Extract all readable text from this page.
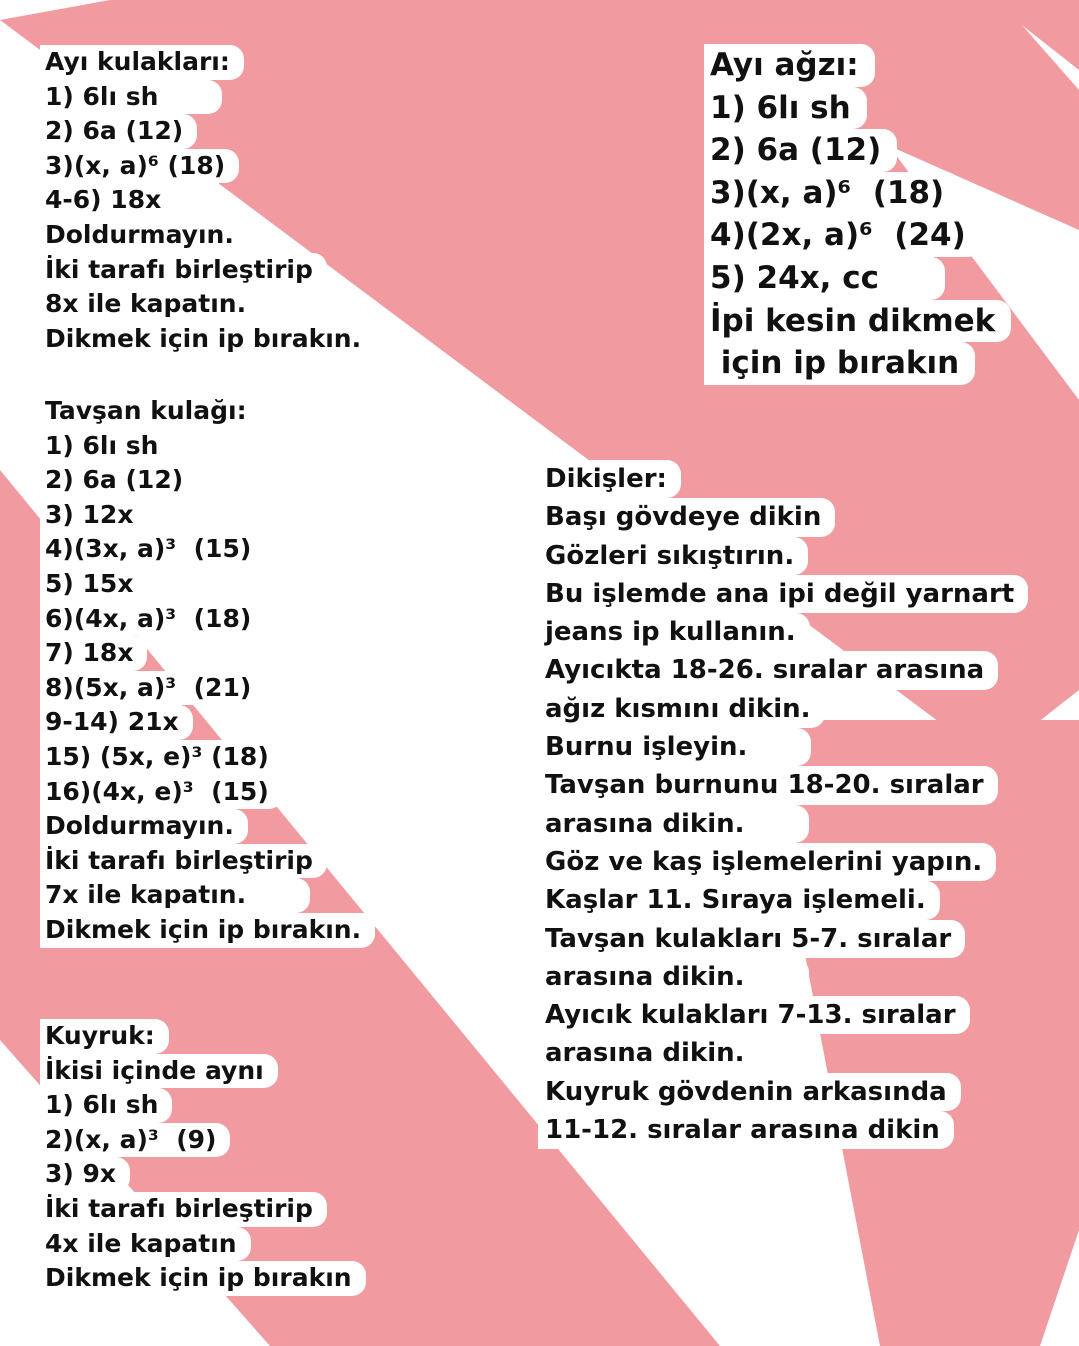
Ayı kulakları:
1) 6lı sh
2) 6a (12)
3)(x, a)⁶ (18)
4-6) 18x
Doldurmayın.
İki tarafı birleştirip
8x ile kapatın.
Dikmek için ip bırakın.
Tavşan kulağı:
1) 6lı sh
2) 6a (12)
3) 12x
4)(3x, a)³  (15)
5) 15x
6)(4x, a)³  (18)
7) 18x
8)(5x, a)³  (21)
9-14) 21x
15) (5x, e)³ (18)
16)(4x, e)³  (15)
Doldurmayın.
İki tarafı birleştirip
7x ile kapatın.
Dikmek için ip bırakın.
Kuyruk:
İkisi içinde aynı
1) 6lı sh
2)(x, a)³  (9)
3) 9x
İki tarafı birleştirip
4x ile kapatın
Dikmek için ip bırakın
Ayı ağzı:
1) 6lı sh
2) 6a (12)
3)(x, a)⁶  (18)
4)(2x, a)⁶  (24)
5) 24x, cc
İpi kesin dikmek
için ip bırakın
Dikişler:
Başı gövdeye dikin
Gözleri sıkıştırın.
Bu işlemde ana ipi değil yarnart
jeans ip kullanın.
Ayıcıkta 18-26. sıralar arasına
ağız kısmını dikin.
Burnu işleyin.
Tavşan burnunu 18-20. sıralar
arasına dikin.
Göz ve kaş işlemelerini yapın.
Kaşlar 11. Sıraya işlemeli.
Tavşan kulakları 5-7. sıralar
arasına dikin.
Ayıcık kulakları 7-13. sıralar
arasına dikin.
Kuyruk gövdenin arkasında
11-12. sıralar arasına dikin
